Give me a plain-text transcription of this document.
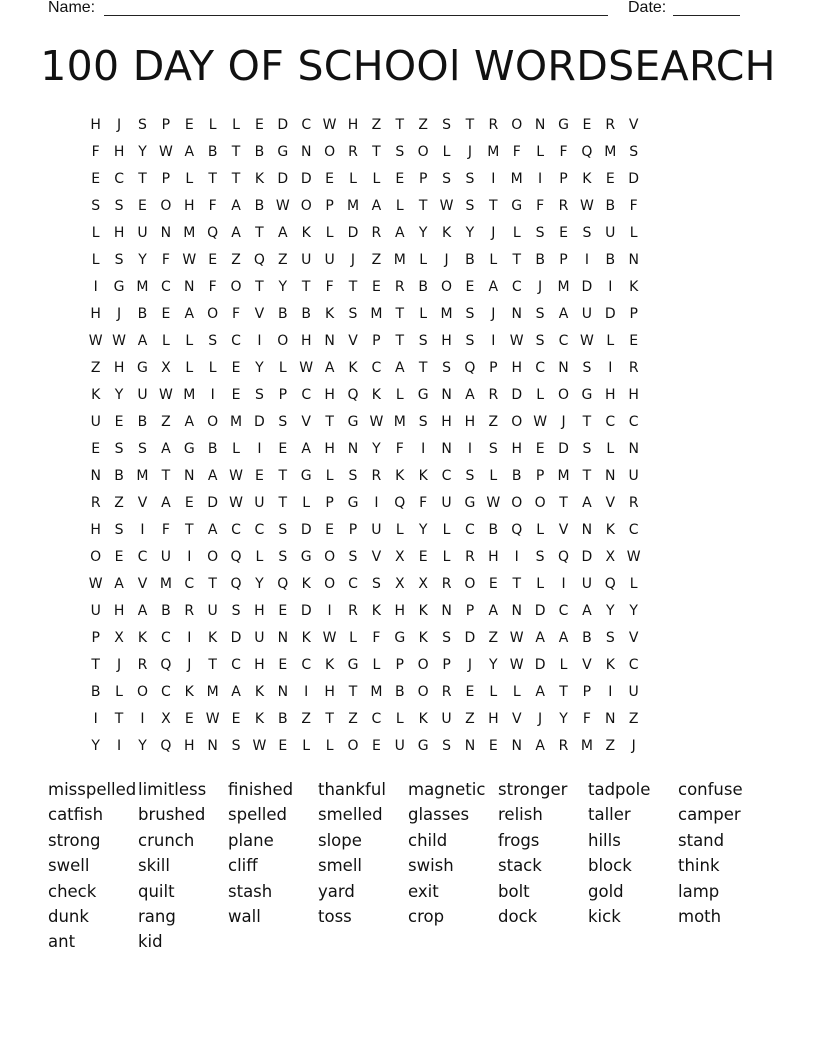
Name:	Date:
100 DAY OF SCHOOl WORDSEARCH
H	J	S	P	E	L	L	E D C W H Z	T	Z	S	T	R O N G E	R V
F	H Y W A B	T	B G N O R	T	S O L	J	M F	L	F Q M S
E	C	T	P	L	T	T	K D D E	L	L	E	P	S	S	I	M	I	P	K	E D
S	S	E O H	F	A B W O P M A	L	T W S	T G F	R W B	F
L	H U N M Q A	T	A	K	L	D R A	Y	K	Y	J	L	S	E	S U	L
L	S	Y	F W E	Z Q Z U U	J	Z M L	J	B	L	T	B	P	I	B N
I	G M C N	F O T	Y	T	F	T	E	R B O E	A C	J	M D	I	K
H	J	B	E	A O F	V B B K	S M T	L M S	J	N S	A U D P
W W A	L	L	S	C	I	O H N V	P	T	S H S	I	W S	C W L	E
Z H G X	L	L	E	Y	L W A	K C A	T	S Q P H C N S	I	R
K	Y U W M	I	E	S	P	C H Q K	L	G N A R D	L O G H H
U E	B Z A O M D S	V	T G W M S H H Z O W	J	T	C C
E	S	S	A G B	L	I	E	A H N Y	F	I	N	I	S H E D S	L	N
N B M T N A W E	T G	L	S	R K	K C	S	L	B	P M T N U
R Z V A	E D W U T	L	P G	I	Q F	U G W O O T	A V R
H S	I	F	T	A C C	S D E	P	U	L	Y	L	C B Q L	V N K C
O E	C U	I	O Q L	S G O S	V X	E	L	R H	I	S Q D X W
W A V M C	T Q Y Q K O C	S	X X R O E	T	L	I	U Q L
U H A B R U S H E D	I	R K H K N P	A N D C A	Y	Y
P	X	K C	I	K D U N K W L	F G K	S D Z W A A B	S	V
T	J	R Q	J	T	C H E	C K G	L	P O P	J	Y W D	L	V	K C
B	L O C K M A	K N	I	H T M B O R	E	L	L	A	T	P	I	U
I	T	I	X	E W E	K	B Z	T	Z C	L	K U Z H V	J	Y	F	N Z
Y	I	Y Q H N S W E	L	L O E U G S N E N A R M Z	J
misspelled limitless	finished	thankful	magnetic stronger	tadpole	confuse
catfish	brushed	spelled	smelled	glasses	relish	taller	camper
strong	crunch	plane	slope	child	frogs	hills	stand
swell	skill	cliff	smell	swish	stack	block	think
check	quilt	stash	yard	exit	bolt	gold	lamp
dunk	rang	wall	toss	crop	dock	kick	moth
ant	kid
